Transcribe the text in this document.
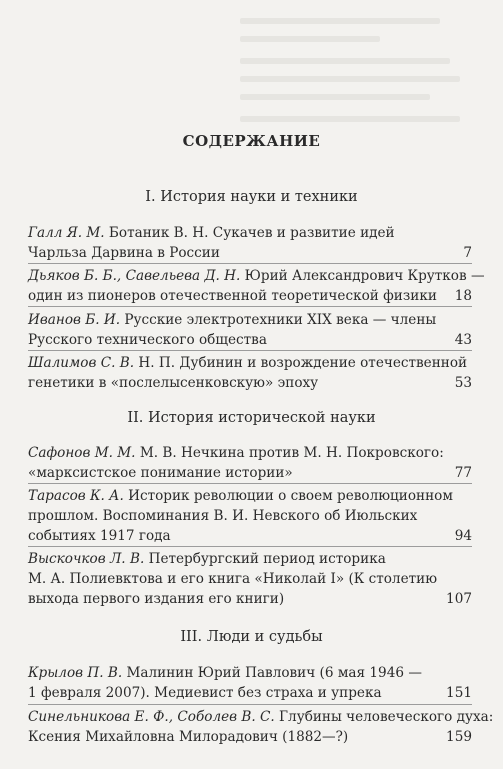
СОДЕРЖАНИЕ
I. История науки и техники
Галл Я. М. Ботаник В. Н. Сукачев и развитие идей
Чарльза Дарвина в России	7
Дьяков Б. Б., Савельева Д. Н. Юрий Александрович Крутков —
один из пионеров отечественной теоретической физики 18
Иванов Б. И. Русские электротехники XIX века — члены
Русского технического общества	43
Шалимов С. В. Н. П. Дубинин и возрождение отечественной
генетики в «послелысенковскую» эпоху	53
II. История исторической науки
Сафонов М. М. М. В. Нечкина против М. Н. Покровского:
«марксистское понимание истории»	77
Тарасов К. А. Историк революции о своем революционном
прошлом. Воспоминания В. И. Невского об Июльских
событиях 1917 года	94
Выскочков Л. В. Петербургский период историка
М. А. Полиевктова и его книга «Николай I» (К столетию
выхода первого издания его книги)	107
III. Люди и судьбы
Крылов П. В. Малинин Юрий Павлович (6 мая 1946 —
1 февраля 2007). Медиевист без страха и упрека	151
Синельникова Е. Ф., Соболев В. С. Глубины человеческого духа:
Ксения Михайловна Милорадович (1882—?)	159
